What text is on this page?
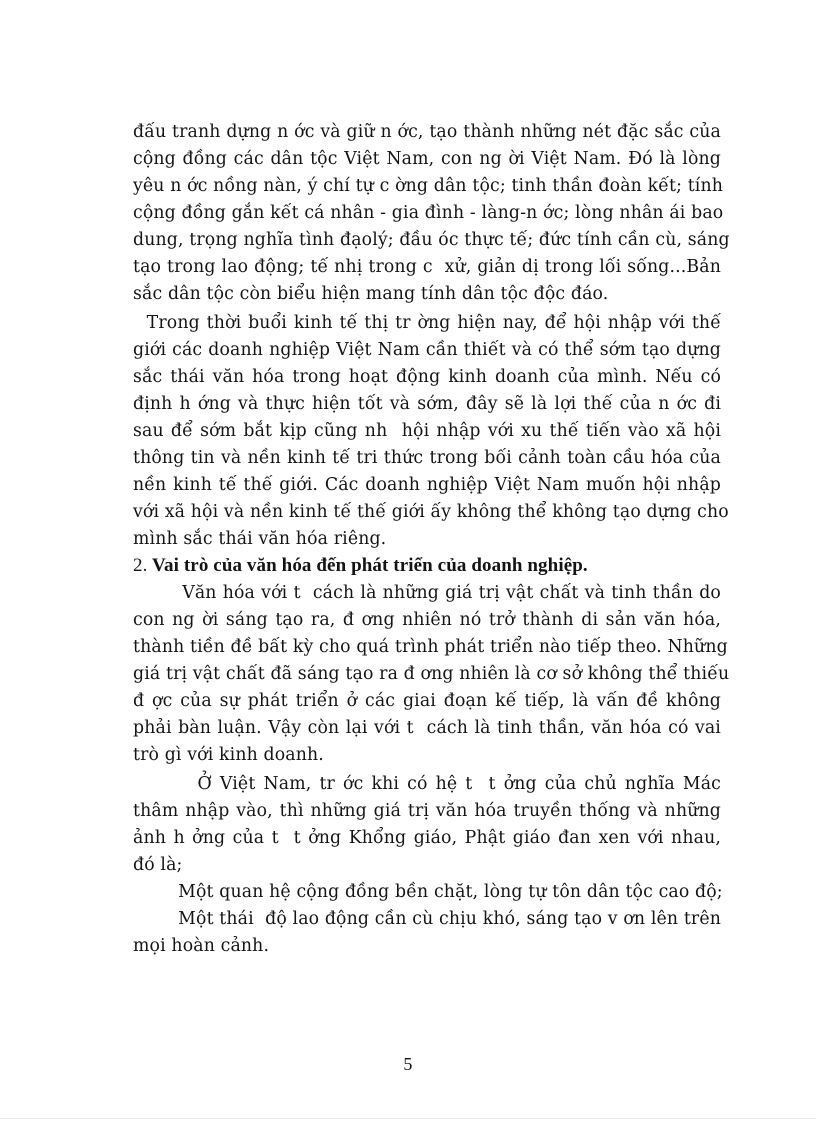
đấu tranh dựng n ớc và giữ n ớc, tạo thành những nét đặc sắc của
cộng đồng các dân tộc Việt Nam, con ng ời Việt Nam. Đó là lòng
yêu n ớc nồng nàn, ý chí tự c ờng dân tộc; tinh thần đoàn kết; tính
cộng đồng gắn kết cá nhân - gia đình - làng-n ớc; lòng nhân ái bao
dung, trọng nghĩa tình đạolý; đầu óc thực tế; đức tính cần cù, sáng
tạo trong lao động; tế nhị trong c  xử, giản dị trong lối sống...Bản
sắc dân tộc còn biểu hiện mang tính dân tộc độc đáo.
Trong thời buổi kinh tế thị tr ờng hiện nay, để hội nhập với thế
giới các doanh nghiệp Việt Nam cần thiết và có thể sớm tạo dựng
sắc thái văn hóa trong hoạt động kinh doanh của mình. Nếu có
định h ớng và thực hiện tốt và sớm, đây sẽ là lợi thế của n ớc đi
sau để sớm bắt kịp cũng nh  hội nhập với xu thế tiến vào xã hội
thông tin và nền kinh tế tri thức trong bối cảnh toàn cầu hóa của
nền kinh tế thế giới. Các doanh nghiệp Việt Nam muốn hội nhập
với xã hội và nền kinh tế thế giới ấy không thể không tạo dựng cho
mình sắc thái văn hóa riêng.
2. Vai trò của văn hóa đến phát triển của doanh nghiệp.
Văn hóa với t  cách là những giá trị vật chất và tinh thần do
con ng ời sáng tạo ra, đ ơng nhiên nó trở thành di sản văn hóa,
thành tiền đề bất kỳ cho quá trình phát triển nào tiếp theo. Những
giá trị vật chất đã sáng tạo ra đ ơng nhiên là cơ sở không thể thiếu
đ ợc của sự phát triển ở các giai đoạn kế tiếp, là vấn đề không
phải bàn luận. Vậy còn lại với t  cách là tinh thần, văn hóa có vai
trò gì với kinh doanh.
Ở Việt Nam, tr ớc khi có hệ t  t ởng của chủ nghĩa Mác
thâm nhập vào, thì những giá trị văn hóa truyền thống và những
ảnh h ởng của t  t ởng Khổng giáo, Phật giáo đan xen với nhau,
đó là;
Một quan hệ cộng đồng bền chặt, lòng tự tôn dân tộc cao độ;
Một thái  độ lao động cần cù chịu khó, sáng tạo v ơn lên trên
mọi hoàn cảnh.
5
